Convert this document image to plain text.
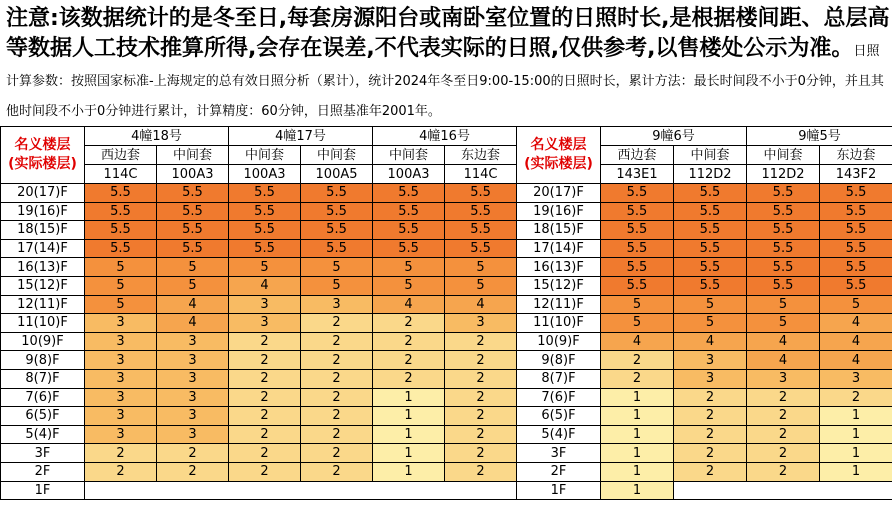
注意:该数据统计的是冬至日,每套房源阳台或南卧室位置的日照时长,是根据楼间距、总层高等数据人工技术推算所得,会存在误差,不代表实际的日照,仅供参考,以售楼处公示为准。日照计算参数：按照国家标准-上海规定的总有效日照分析（累计），统计2024年冬至日9:00-15:00的日照时长，累计方法：最长时间段不小于0分钟，并且其他时间段不小于0分钟进行累计，计算精度：60分钟，日照基准年2001年。
名义楼层
(实际楼层)	4幢18号		4幢17号		4幢16号	
	西边套	中间套	中间套	中间套	中间套	东边套
	114C	100A3	100A3	100A5	100A3	114C
20(17)F	5.5	5.5	5.5	5.5	5.5	5.5
19(16)F	5.5	5.5	5.5	5.5	5.5	5.5
18(15)F	5.5	5.5	5.5	5.5	5.5	5.5
17(14)F	5.5	5.5	5.5	5.5	5.5	5.5
16(13)F	5	5	5	5	5	5
15(12)F	5	5	4	5	5	5
12(11)F	5	4	3	3	4	4
11(10)F	3	4	3	2	2	3
10(9)F	3	3	2	2	2	2
9(8)F	3	3	2	2	2	2
8(7)F	3	3	2	2	2	2
7(6)F	3	3	2	2	1	2
6(5)F	3	3	2	2	1	2
5(4)F	3	3	2	2	1	2
3F	2	2	2	2	1	2
2F	2	2	2	2	1	2
1F						
名义楼层
(实际楼层)	9幢6号		9幢5号	
	西边套	中间套	中间套	东边套
	143E1	112D2	112D2	143F2
20(17)F	5.5	5.5	5.5	5.5
19(16)F	5.5	5.5	5.5	5.5
18(15)F	5.5	5.5	5.5	5.5
17(14)F	5.5	5.5	5.5	5.5
16(13)F	5.5	5.5	5.5	5.5
15(12)F	5.5	5.5	5.5	5.5
12(11)F	5	5	5	5
11(10)F	5	5	5	4
10(9)F	4	4	4	4
9(8)F	2	3	4	4
8(7)F	2	3	3	3
7(6)F	1	2	2	2
6(5)F	1	2	2	1
5(4)F	1	2	2	1
3F	1	2	2	1
2F	1	2	2	1
1F	1			
